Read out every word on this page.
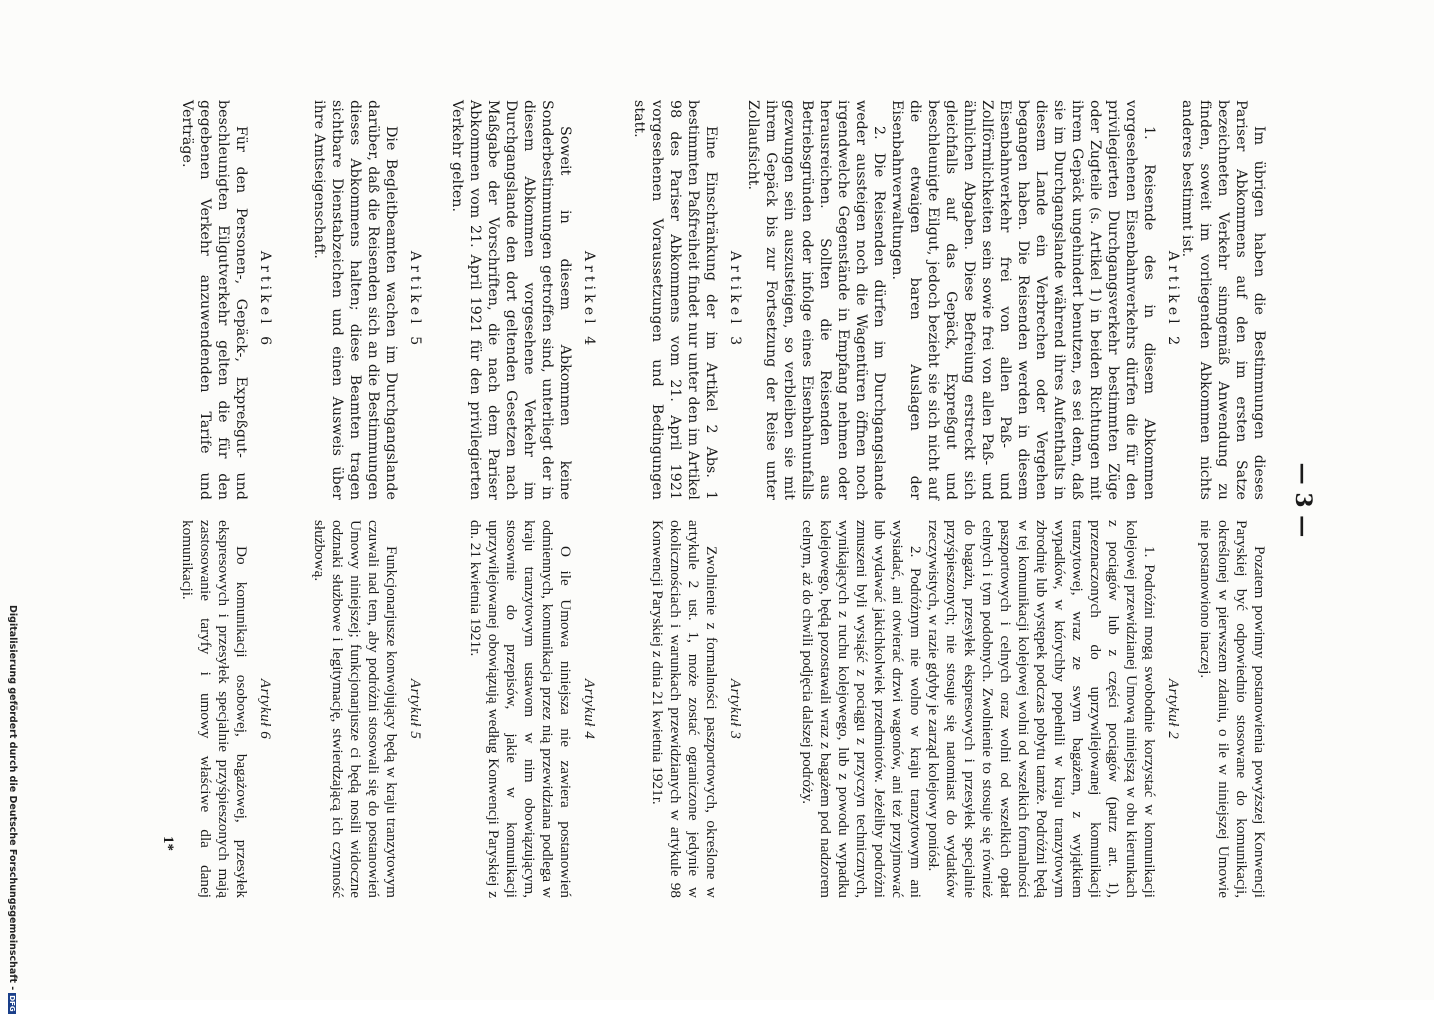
— 3 —

Im übrigen haben die Bestimmungen dieses Pariser Abkommens auf den im ersten Satze bezeichneten Verkehr sinngemäß Anwendung zu finden, soweit im vorliegenden Abkommen nichts anderes bestimmt ist.

Artikel 2

1. Reisende des in diesem Abkommen vorgesehenen Eisenbahnverkehrs dürfen die für den privilegierten Durchgangsverkehr bestimmten Züge oder Zugteile (s. Artikel 1) in beiden Richtungen mit ihrem Gepäck ungehindert benutzen, es sei denn, daß sie im Durchgangslande während ihres Aufenthalts in diesem Lande ein Verbrechen oder Vergehen begangen haben. Die Reisenden werden in diesem Eisenbahnverkehr frei von allen Paß- und Zollförmlichkeiten sein sowie frei von allen Paß- und ähnlichen Abgaben. Diese Befreiung erstreckt sich gleichfalls auf das Gepäck, Expreßgut und beschleunigte Eilgut, jedoch bezieht sie sich nicht auf die etwaigen baren Auslagen der Eisenbahnverwaltungen.

2. Die Reisenden dürfen im Durchgangslande weder aussteigen noch die Wagentüren öffnen noch irgendwelche Gegenstände in Empfang nehmen oder herausreichen. Sollten die Reisenden aus Betriebsgründen oder infolge eines Eisenbahnunfalls gezwungen sein auszusteigen, so verbleiben sie mit ihrem Gepäck bis zur Fortsetzung der Reise unter Zollaufsicht.

Artikel 3

Eine Einschränkung der im Artikel 2 Abs. 1 bestimmten Paßfreiheit findet nur unter den im Artikel 98 des Pariser Abkommens vom 21. April 1921 vorgesehenen Voraussetzungen und Bedingungen statt.

Artikel 4

Soweit in diesem Abkommen keine Sonderbestimmungen getroffen sind, unterliegt der in diesem Abkommen vorgesehene Verkehr im Durchgangslande den dort geltenden Gesetzen nach Maßgabe der Vorschriften, die nach dem Pariser Abkommen vom 21. April 1921 für den privilegierten Verkehr gelten.

Artikel 5

Die Begleitbeamten wachen im Durchgangslande darüber, daß die Reisenden sich an die Bestimmungen dieses Abkommens halten; diese Beamten tragen sichtbare Dienstabzeichen und einen Ausweis über ihre Amtseigenschaft.

Artikel 6

Für den Personen-, Gepäck-, Expreßgut- und beschleunigten Eilgutverkehr gelten die für den gegebenen Verkehr anzuwendenden Tarife und Verträge.

Pozatem powinny postanowienia powyższej Konwencji Paryskiej być odpowiednio stosowane do komunikacji, określonej w pierwszem zdaniu, o ile w niniejszej Umowie nie postanowiono inaczej.

Artykuł 2

1. Podróżni mogą swobodnie korzystać w komunikacji kolejowej przewidzianej Umową niniejszą w obu kierunkach z pociągów lub z części pociągów (patrz art. 1), przeznaczonych do uprzywilejowanej komunikacji tranzytowej, wraz ze swym bagażem, z wyjątkiem wypadków, w którychby popełnili w kraju tranzytowym zbrodnię lub występek podczas pobytu tamże. Podróżni będą w tej komunikacji kolejowej wolni od wszelkich formalności paszportowych i celnych oraz wolni od wszelkich opłat celnych i tym podobnych. Zwolnienie to stosuje się również do bagażu, przesyłek ekspresowych i przesyłek specjalnie przyśpieszonych; nie stosuje się natomiast do wydatków rzeczywistych, w razie gdyby je zarząd kolejowy poniósł.

2. Podróżnym nie wolno w kraju tranzytowym ani wysiadać, ani otwierać drzwi wagonów, ani też przyjmować lub wydawać jakichkolwiek przedmiotów. Jeżeliby podróżni zmuszeni byli wysiąść z pociągu z przyczyn technicznych, wynikających z ruchu kolejowego, lub z powodu wypadku kolejowego, będą pozostawali wraz z bagażem pod nadzorem celnym, aż do chwili podjęcia dalszej podróży.

Artykuł 3

Zwolnienie z formalności paszportowych, określone w artykule 2 ust. 1, może zostać ograniczone jedynie w okolicznościach i warunkach przewidzianych w artykule 98 Konwencji Paryskiej z dnia 21 kwietnia 1921r.

Artykuł 4

O ile Umowa niniejsza nie zawiera postanowień odmiennych, komunikacja przez nią przewidziana podlega w kraju tranzytowym ustawom w nim obowiązującym, stosownie do przepisów, jakie w komunikacji uprzywilejowanej obowiązują według Konwencji Paryskiej z dn. 21 kwietnia 1921r.

Artykuł 5

Funkcjonarjusze konwojujący będą w kraju tranzytowym czuwali nad tem, aby podróżni stosowali się do postanowień Umowy niniejszej; funkcjonarjusze ci będą nosili widoczne odznaki służbowe i legitymację, stwierdzającą ich czynność służbową.

Artykuł 6

Do komunikacji osobowej, bagażowej, przesyłek ekspresowych i przesyłek specjalnie przyśpieszonych mają zastosowanie taryfy i umowy właściwe dla danej komunikacji.

1*
Digitalisierung gefördert durch die Deutsche Forschungsgemeinschaft -DFG
